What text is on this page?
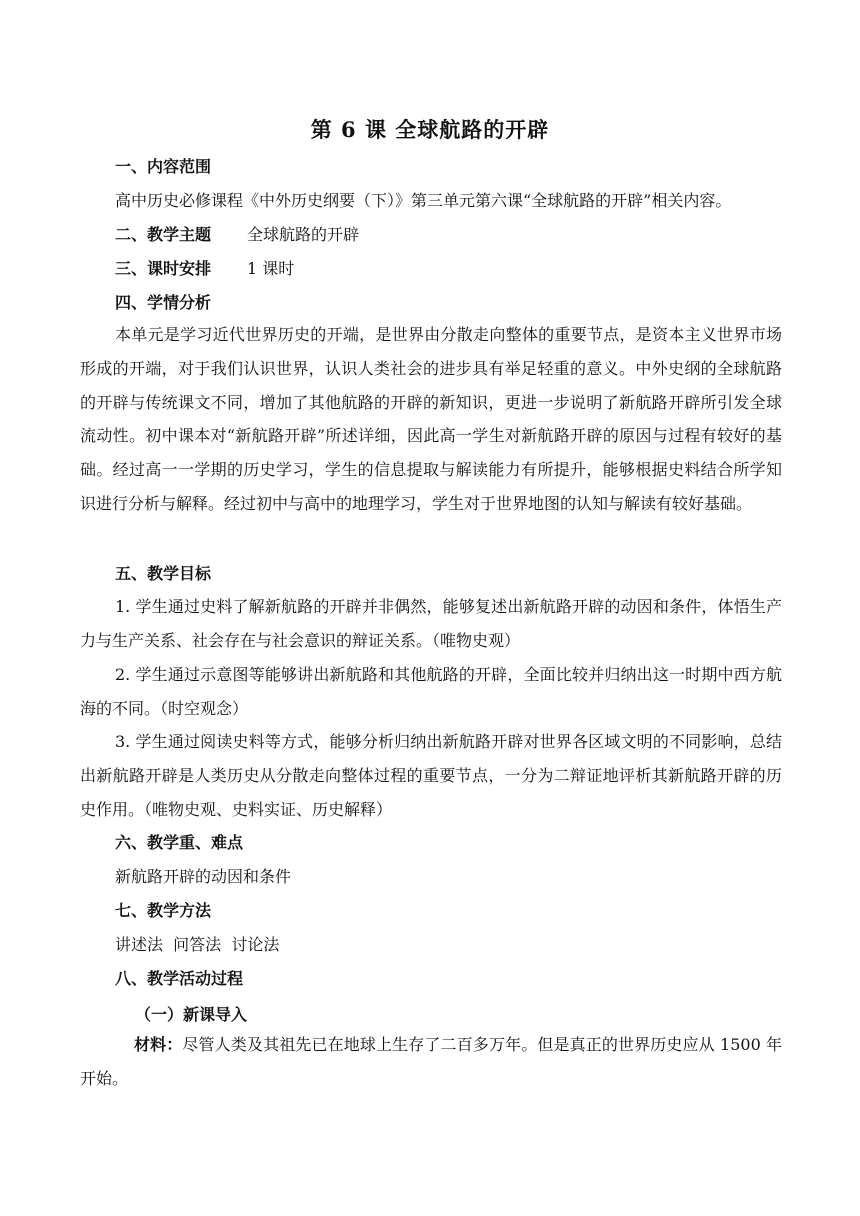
第 6 课 全球航路的开辟
一、内容范围
高中历史必修课程《中外历史纲要（下）》第三单元第六课“全球航路的开辟”相关内容。
二、教学主题 全球航路的开辟
三、课时安排 1 课时
四、学情分析
本单元是学习近代世界历史的开端，是世界由分散走向整体的重要节点，是资本主义世界市场形成的开端，对于我们认识世界，认识人类社会的进步具有举足轻重的意义。中外史纲的全球航路的开辟与传统课文不同，增加了其他航路的开辟的新知识，更进一步说明了新航路开辟所引发全球流动性。初中课本对“新航路开辟”所述详细，因此高一学生对新航路开辟的原因与过程有较好的基础。经过高一一学期的历史学习，学生的信息提取与解读能力有所提升，能够根据史料结合所学知识进行分析与解释。经过初中与高中的地理学习，学生对于世界地图的认知与解读有较好基础。
五、教学目标
1. 学生通过史料了解新航路的开辟并非偶然，能够复述出新航路开辟的动因和条件，体悟生产力与生产关系、社会存在与社会意识的辩证关系。（唯物史观）
2. 学生通过示意图等能够讲出新航路和其他航路的开辟，全面比较并归纳出这一时期中西方航海的不同。（时空观念）
3. 学生通过阅读史料等方式，能够分析归纳出新航路开辟对世界各区域文明的不同影响，总结出新航路开辟是人类历史从分散走向整体过程的重要节点，一分为二辩证地评析其新航路开辟的历史作用。（唯物史观、史料实证、历史解释）
六、教学重、难点
新航路开辟的动因和条件
七、教学方法
讲述法  问答法  讨论法
八、教学活动过程
（一）新课导入
材料：尽管人类及其祖先已在地球上生存了二百多万年。但是真正的世界历史应从 1500 年开始。
